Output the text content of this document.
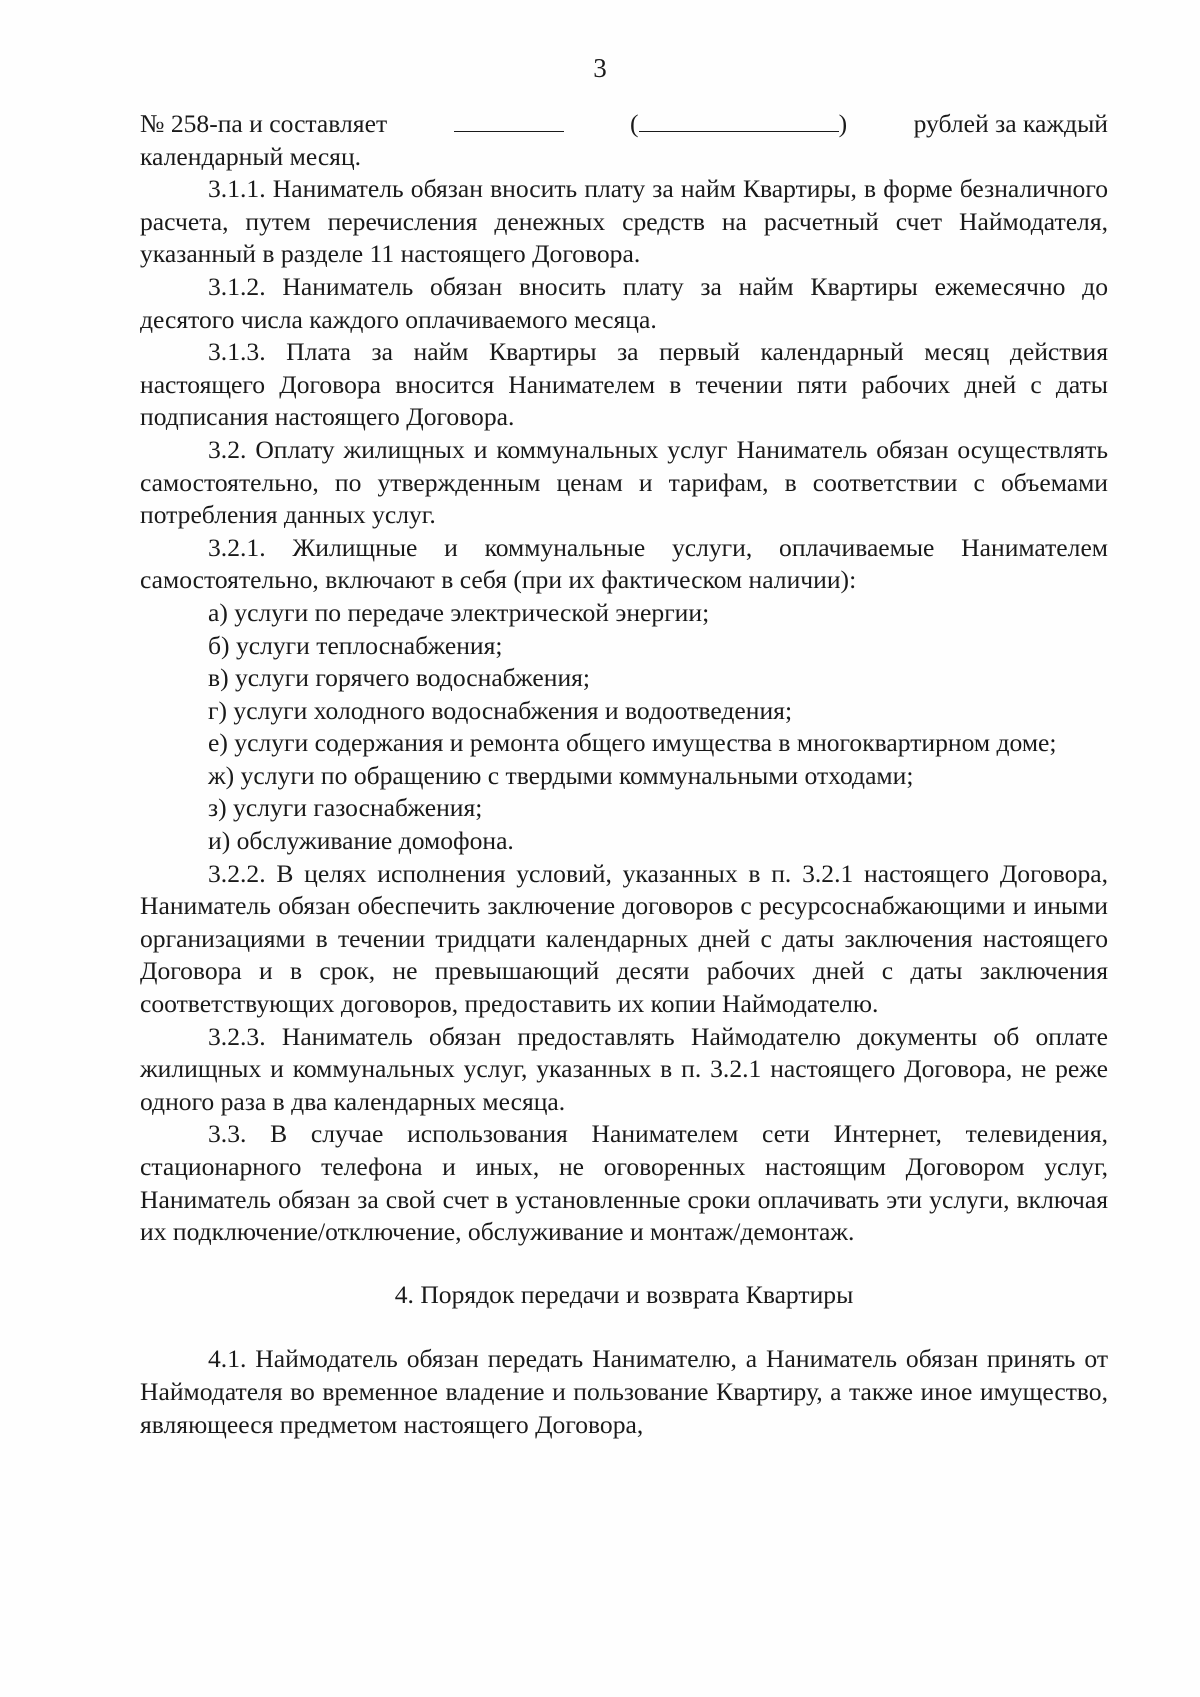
3
№ 258-па и составляет	(	)	рублей за каждый

календарный месяц.

3.1.1. Наниматель обязан вносить плату за найм Квартиры, в форме безналичного расчета, путем перечисления денежных средств на расчетный счет Наймодателя, указанный в разделе 11 настоящего Договора.

3.1.2. Наниматель обязан вносить плату за найм Квартиры ежемесячно до десятого числа каждого оплачиваемого месяца.

3.1.3. Плата за найм Квартиры за первый календарный месяц действия настоящего Договора вносится Нанимателем в течении пяти рабочих дней с даты подписания настоящего Договора.

3.2. Оплату жилищных и коммунальных услуг Наниматель обязан осуществлять самостоятельно, по утвержденным ценам и тарифам, в соответствии с объемами потребления данных услуг.

3.2.1. Жилищные и коммунальные услуги, оплачиваемые Нанимателем самостоятельно, включают в себя (при их фактическом наличии):

а) услуги по передаче электрической энергии;

б) услуги теплоснабжения;

в) услуги горячего водоснабжения;

г) услуги холодного водоснабжения и водоотведения;

е) услуги содержания и ремонта общего имущества в многоквартирном доме;

ж) услуги по обращению с твердыми коммунальными отходами;

з) услуги газоснабжения;

и) обслуживание домофона.

3.2.2. В целях исполнения условий, указанных в п. 3.2.1 настоящего Договора, Наниматель обязан обеспечить заключение договоров с ресурсоснабжающими и иными организациями в течении тридцати календарных дней с даты заключения настоящего Договора и в срок, не превышающий десяти рабочих дней с даты заключения соответствующих договоров, предоставить их копии Наймодателю.

3.2.3. Наниматель обязан предоставлять Наймодателю документы об оплате жилищных и коммунальных услуг, указанных в п. 3.2.1 настоящего Договора, не реже одного раза в два календарных месяца.

3.3. В случае использования Нанимателем сети Интернет, телевидения, стационарного телефона и иных, не оговоренных настоящим Договором услуг, Наниматель обязан за свой счет в установленные сроки оплачивать эти услуги, включая их подключение/отключение, обслуживание и монтаж/демонтаж.

4. Порядок передачи и возврата Квартиры

4.1. Наймодатель обязан передать Нанимателю, а Наниматель обязан принять от Наймодателя во временное владение и пользование Квартиру, а также иное имущество, являющееся предметом настоящего Договора,
